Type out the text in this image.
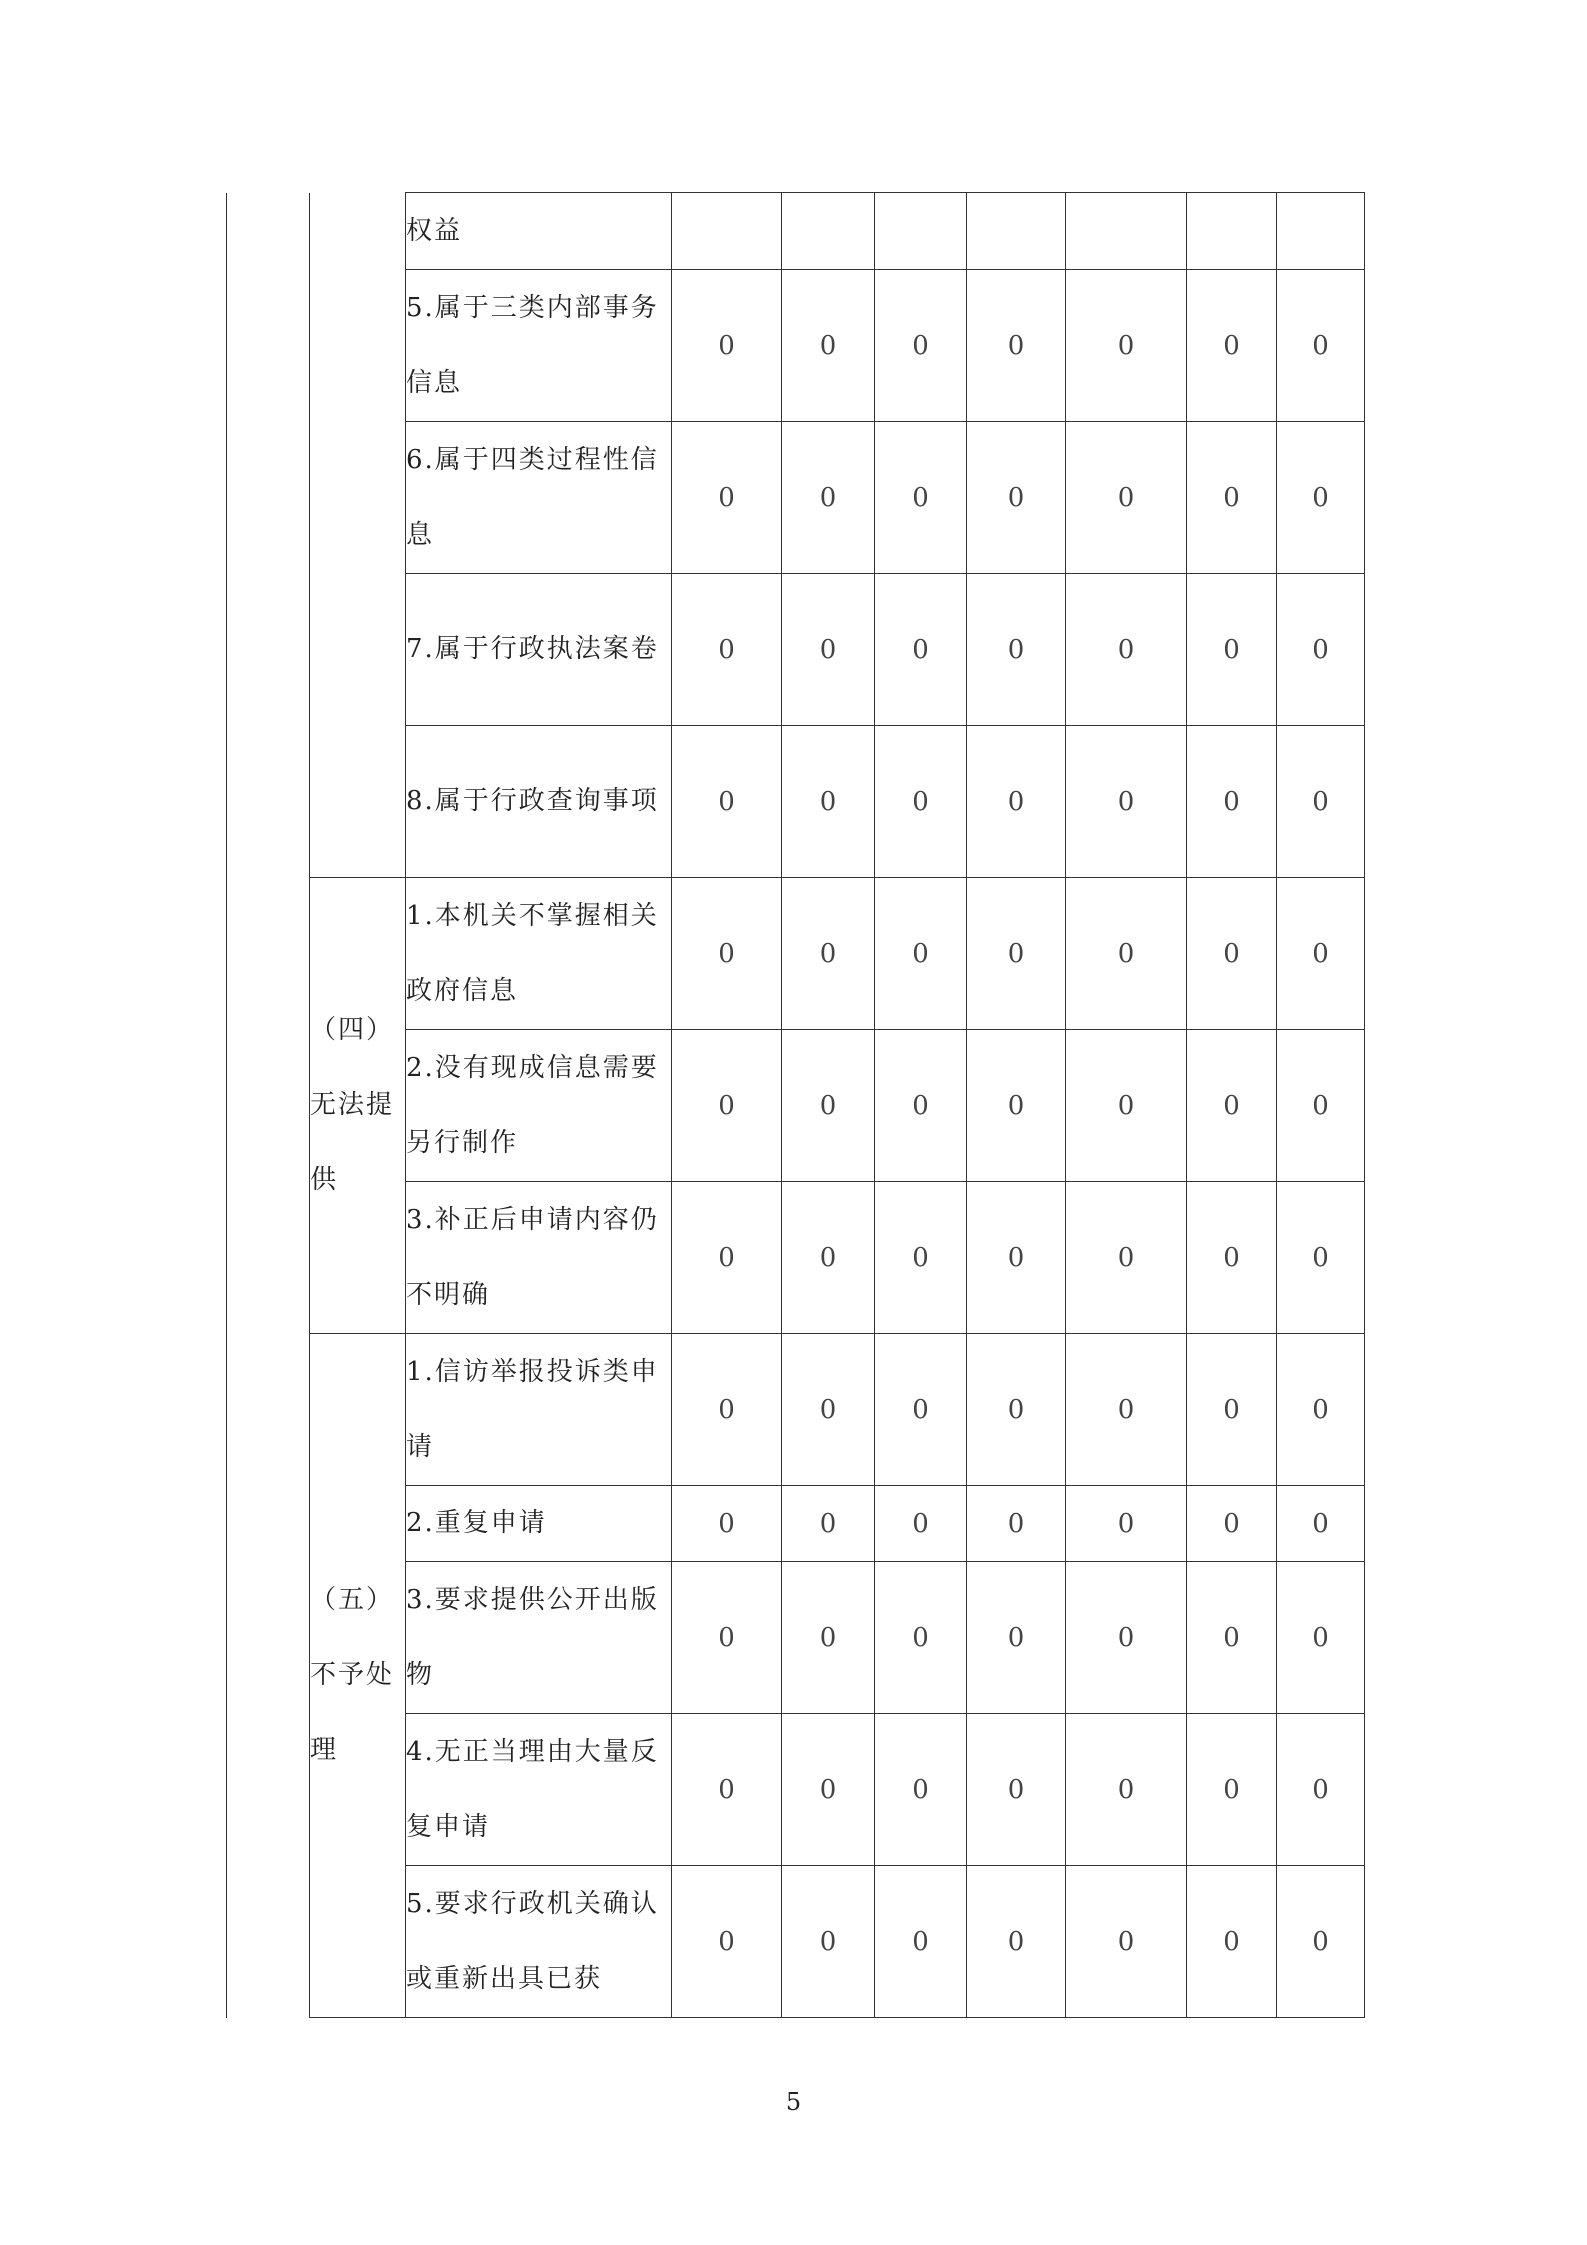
		权益							
		5.属于三类内部事务信息	0	0	0	0	0	0	0
		6.属于四类过程性信息	0	0	0	0	0	0	0
		7.属于行政执法案卷	0	0	0	0	0	0	0
		8.属于行政查询事项	0	0	0	0	0	0	0
	（四）无法提供	1.本机关不掌握相关政府信息	0	0	0	0	0	0	0
		2.没有现成信息需要另行制作	0	0	0	0	0	0	0
		3.补正后申请内容仍不明确	0	0	0	0	0	0	0
	（五）不予处理	1.信访举报投诉类申请	0	0	0	0	0	0	0
		2.重复申请	0	0	0	0	0	0	0
		3.要求提供公开出版物	0	0	0	0	0	0	0
		4.无正当理由大量反复申请	0	0	0	0	0	0	0
		5.要求行政机关确认或重新出具已获	0	0	0	0	0	0	0
5
